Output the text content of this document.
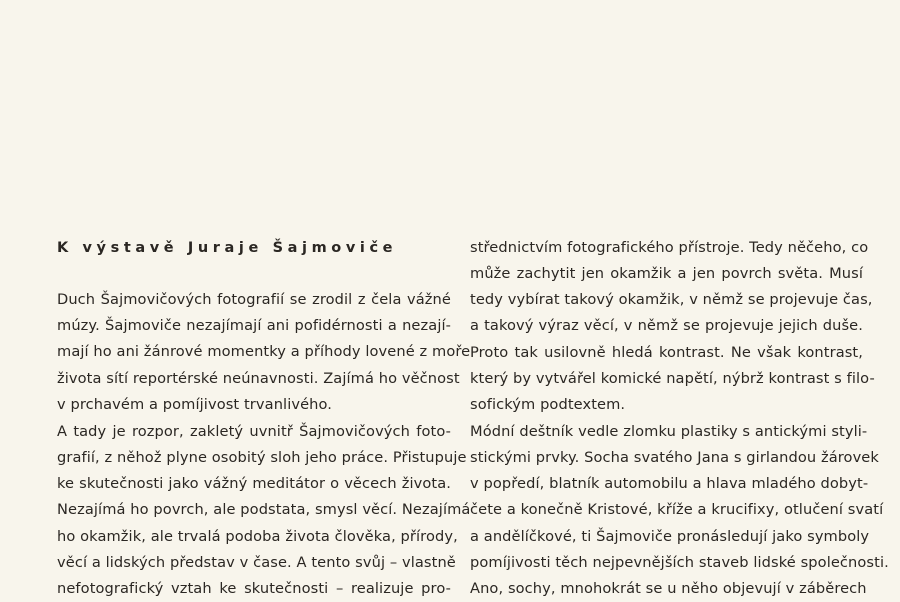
K výstavě Juraje Šajmoviče
Duch Šajmovičových fotografií se zrodil z čela vážné
múzy. Šajmoviče nezajímají ani pofidérnosti a nezají-
mají ho ani žánrové momentky a příhody lovené z moře
života sítí reportérské neúnavnosti. Zajímá ho věčnost
v prchavém a pomíjivost trvanlivého.
A tady je rozpor, zakletý uvnitř Šajmovičových foto-
grafií, z něhož plyne osobitý sloh jeho práce. Přistupuje
ke skutečnosti jako vážný meditátor o věcech života.
Nezajímá ho povrch, ale podstata, smysl věcí. Nezajímá
ho okamžik, ale trvalá podoba života člověka, přírody,
věcí a lidských představ v čase. A tento svůj – vlastně
nefotografický vztah ke skutečnosti – realizuje pro-
střednictvím fotografického přístroje. Tedy něčeho, co
může zachytit jen okamžik a jen povrch světa. Musí
tedy vybírat takový okamžik, v němž se projevuje čas,
a takový výraz věcí, v němž se projevuje jejich duše.
Proto tak usilovně hledá kontrast. Ne však kontrast,
který by vytvářel komické napětí, nýbrž kontrast s filo-
sofickým podtextem.
Módní deštník vedle zlomku plastiky s antickými styli-
stickými prvky. Socha svatého Jana s girlandou žárovek
v popředí, blatník automobilu a hlava mladého dobyt-
čete a konečně Kristové, kříže a krucifixy, otlučení svatí
a andělíčkové, ti Šajmoviče pronásledují jako symboly
pomíjivosti těch nejpevnějších staveb lidské společnosti.
Ano, sochy, mnohokrát se u něho objevují v záběrech
